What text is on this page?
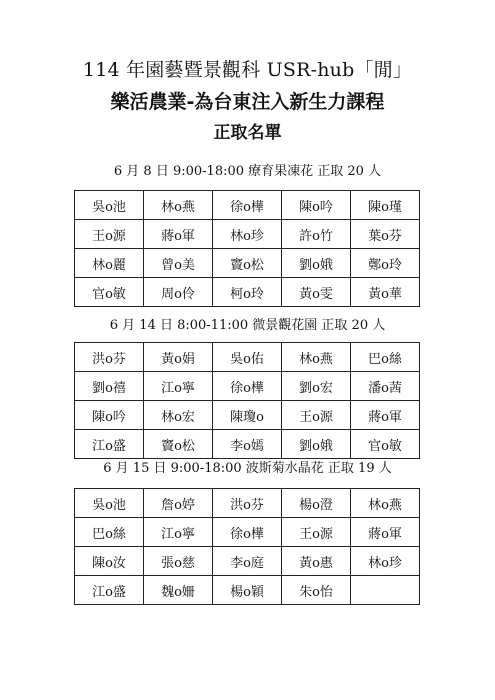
114 年園藝暨景觀科 USR-hub「閒」
樂活農業-為台東注入新生力課程
正取名單
6 月 8 日 9:00-18:00 療育果凍花 正取 20 人
吳o池	林o燕	徐o樺	陳o吟	陳o瑾
王o源	蔣o軍	林o珍	許o竹	葉o芬
林o麗	曾o美	竇o松	劉o娥	鄭o玲
官o敏	周o伶	柯o玲	黃o雯	黃o華
6 月 14 日 8:00-11:00 微景觀花園 正取 20 人
洪o芬	黃o娟	吳o佑	林o燕	巴o絲
劉o禧	江o寧	徐o樺	劉o宏	潘o茜
陳o吟	林o宏	陳瓊o	王o源	蔣o軍
江o盛	竇o松	李o嫣	劉o娥	官o敏
6 月 15 日 9:00-18:00 波斯菊水晶花 正取 19 人
吳o池	詹o婷	洪o芬	楊o澄	林o燕
巴o絲	江o寧	徐o樺	王o源	蔣o軍
陳o汝	張o慈	李o庭	黃o惠	林o珍
江o盛	魏o姍	楊o穎	朱o怡	
